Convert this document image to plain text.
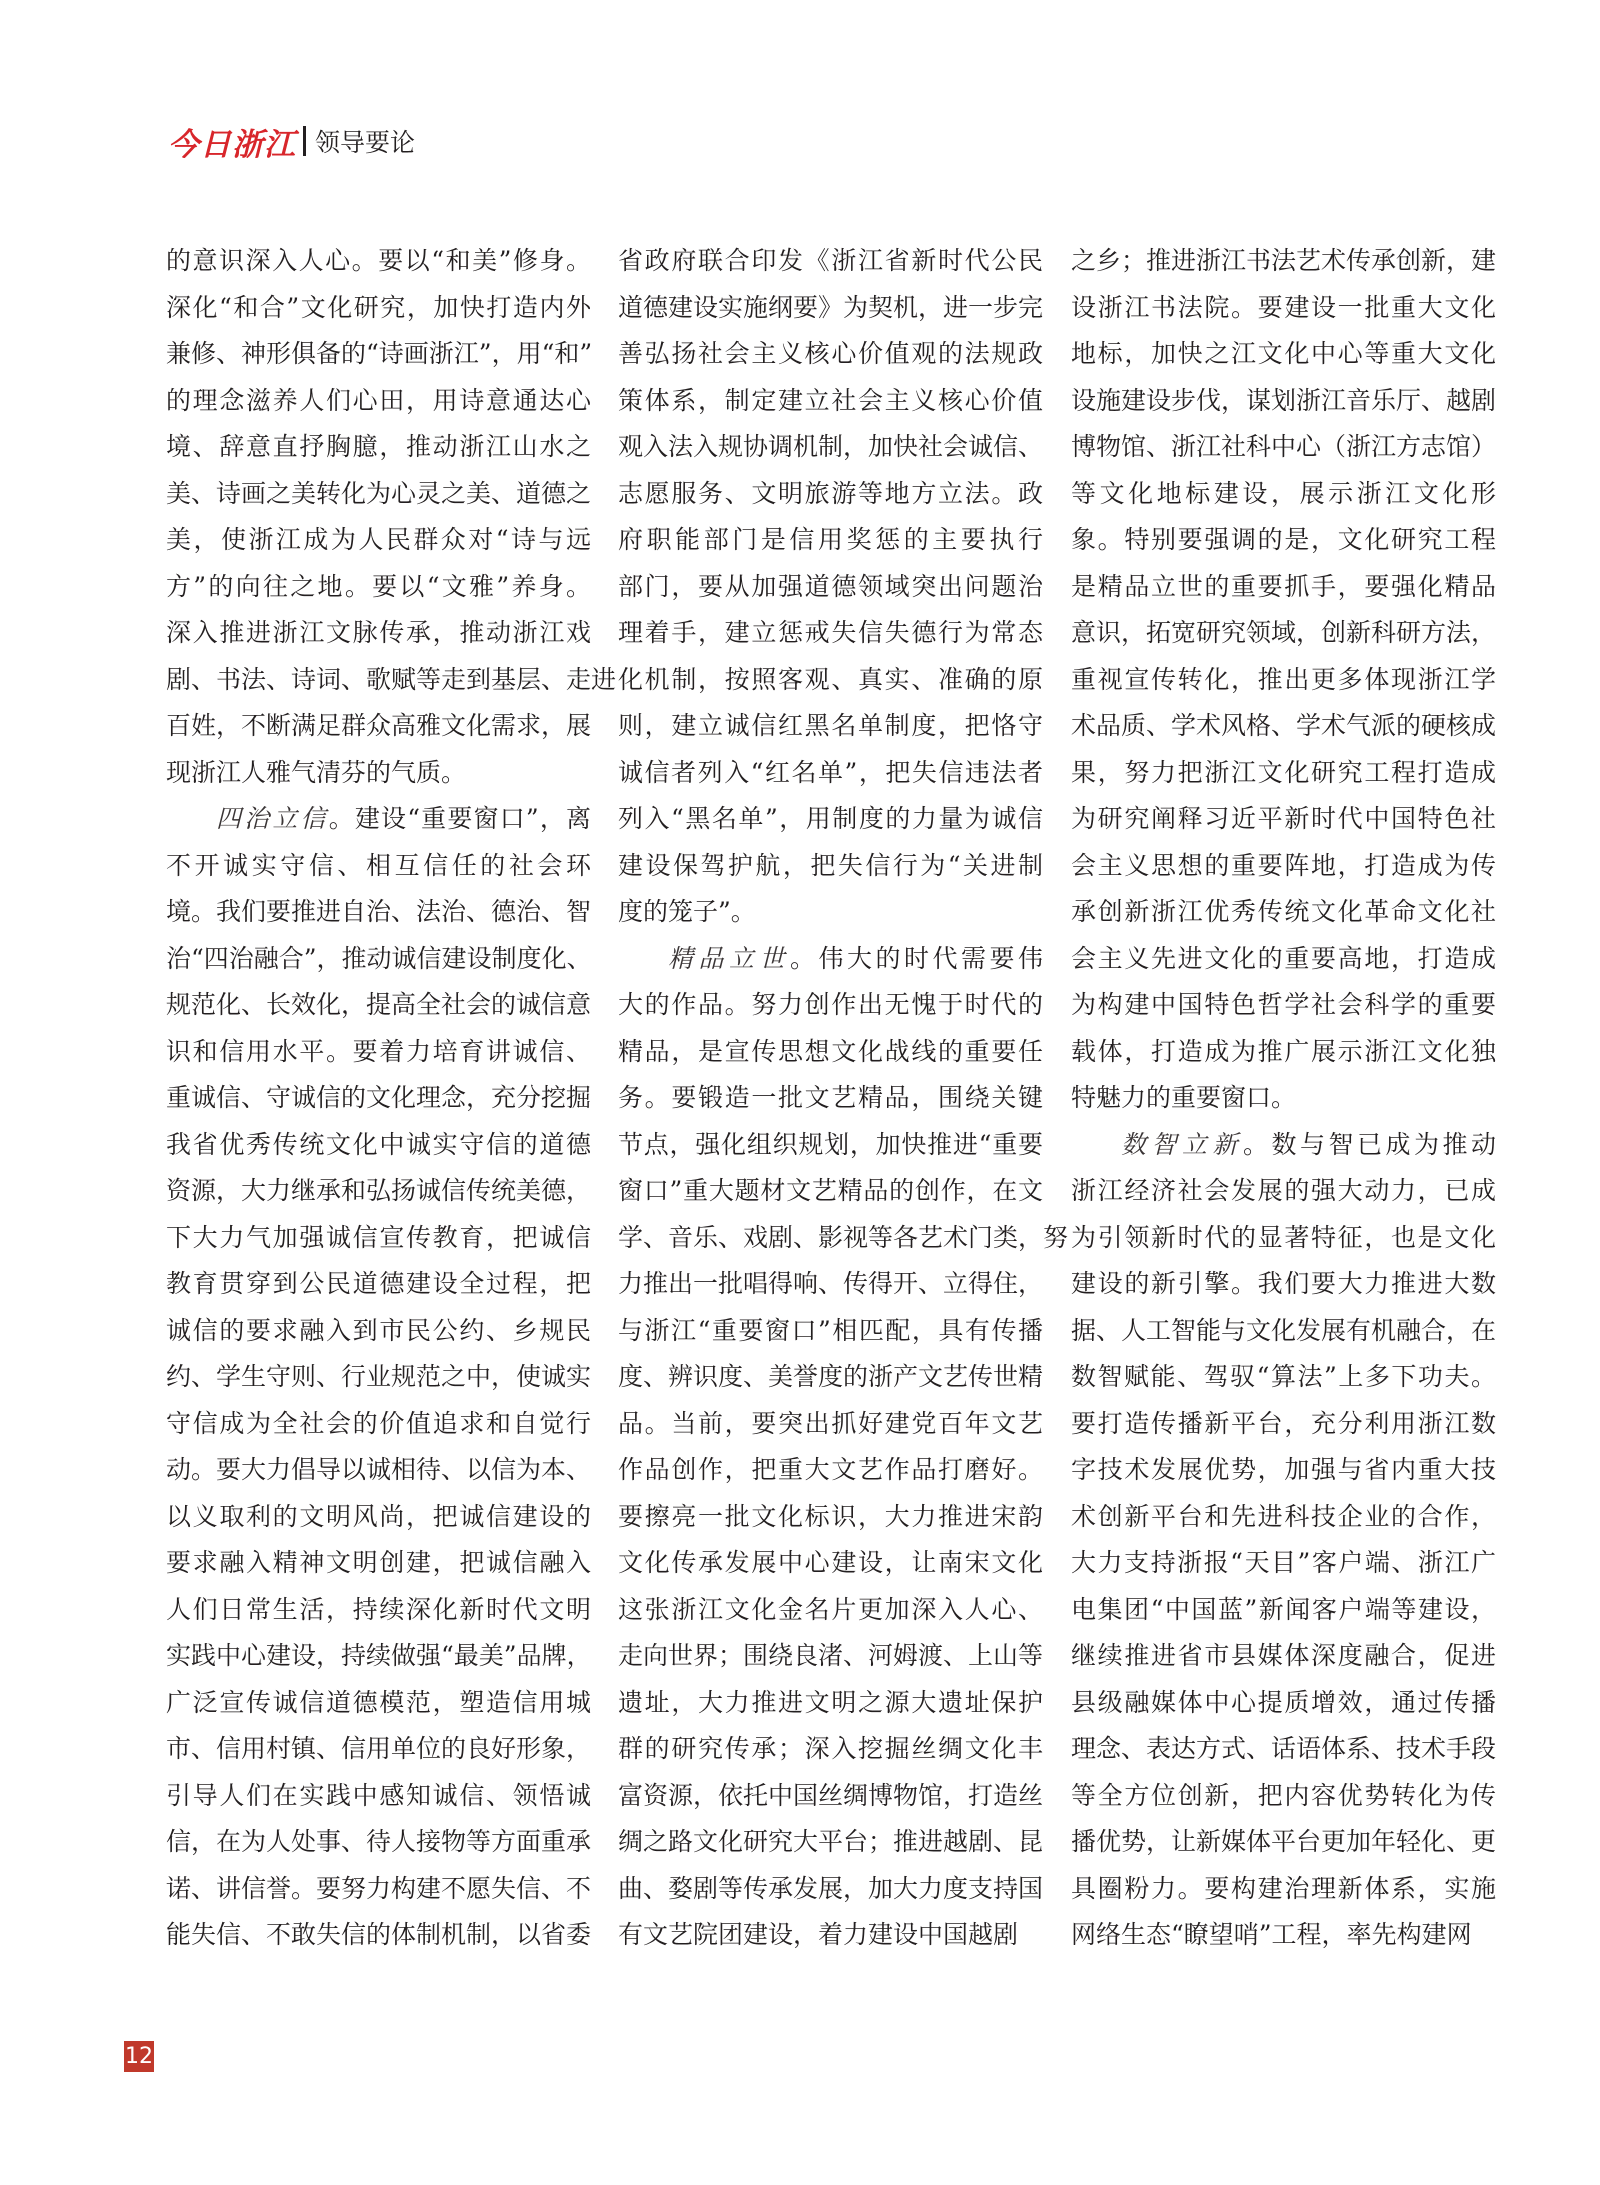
今日浙江 领导要论

的意识深入人心。要以“和美”修身。

深化“和合”文化研究，加快打造内外

兼修、神形俱备的“诗画浙江”，用“和”

的理念滋养人们心田，用诗意通达心

境、辞意直抒胸臆，推动浙江山水之

美、诗画之美转化为心灵之美、道德之

美，使浙江成为人民群众对“诗与远

方”的向往之地。要以“文雅”养身。

深入推进浙江文脉传承，推动浙江戏

剧、书法、诗词、歌赋等走到基层、走进

百姓，不断满足群众高雅文化需求，展

现浙江人雅气清芬的气质。

四治立信。建设“重要窗口”，离

不开诚实守信、相互信任的社会环

境。我们要推进自治、法治、德治、智

治“四治融合”，推动诚信建设制度化、

规范化、长效化，提高全社会的诚信意

识和信用水平。要着力培育讲诚信、

重诚信、守诚信的文化理念，充分挖掘

我省优秀传统文化中诚实守信的道德

资源，大力继承和弘扬诚信传统美德，

下大力气加强诚信宣传教育，把诚信

教育贯穿到公民道德建设全过程，把

诚信的要求融入到市民公约、乡规民

约、学生守则、行业规范之中，使诚实

守信成为全社会的价值追求和自觉行

动。要大力倡导以诚相待、以信为本、

以义取利的文明风尚，把诚信建设的

要求融入精神文明创建，把诚信融入

人们日常生活，持续深化新时代文明

实践中心建设，持续做强“最美”品牌，

广泛宣传诚信道德模范，塑造信用城

市、信用村镇、信用单位的良好形象，

引导人们在实践中感知诚信、领悟诚

信，在为人处事、待人接物等方面重承

诺、讲信誉。要努力构建不愿失信、不

能失信、不敢失信的体制机制，以省委

省政府联合印发《浙江省新时代公民

道德建设实施纲要》为契机，进一步完

善弘扬社会主义核心价值观的法规政

策体系，制定建立社会主义核心价值

观入法入规协调机制，加快社会诚信、

志愿服务、文明旅游等地方立法。政

府职能部门是信用奖惩的主要执行

部门，要从加强道德领域突出问题治

理着手，建立惩戒失信失德行为常态

化机制，按照客观、真实、准确的原

则，建立诚信红黑名单制度，把恪守

诚信者列入“红名单”，把失信违法者

列入“黑名单”，用制度的力量为诚信

建设保驾护航，把失信行为“关进制

度的笼子”。

精品立世。伟大的时代需要伟

大的作品。努力创作出无愧于时代的

精品，是宣传思想文化战线的重要任

务。要锻造一批文艺精品，围绕关键

节点，强化组织规划，加快推进“重要

窗口”重大题材文艺精品的创作，在文

学、音乐、戏剧、影视等各艺术门类，努

力推出一批唱得响、传得开、立得住，

与浙江“重要窗口”相匹配，具有传播

度、辨识度、美誉度的浙产文艺传世精

品。当前，要突出抓好建党百年文艺

作品创作，把重大文艺作品打磨好。

要擦亮一批文化标识，大力推进宋韵

文化传承发展中心建设，让南宋文化

这张浙江文化金名片更加深入人心、

走向世界；围绕良渚、河姆渡、上山等

遗址，大力推进文明之源大遗址保护

群的研究传承；深入挖掘丝绸文化丰

富资源，依托中国丝绸博物馆，打造丝

绸之路文化研究大平台；推进越剧、昆

曲、婺剧等传承发展，加大力度支持国

有文艺院团建设，着力建设中国越剧

之乡；推进浙江书法艺术传承创新，建

设浙江书法院。要建设一批重大文化

地标，加快之江文化中心等重大文化

设施建设步伐，谋划浙江音乐厅、越剧

博物馆、浙江社科中心（浙江方志馆）

等文化地标建设，展示浙江文化形

象。特别要强调的是，文化研究工程

是精品立世的重要抓手，要强化精品

意识，拓宽研究领域，创新科研方法，

重视宣传转化，推出更多体现浙江学

术品质、学术风格、学术气派的硬核成

果，努力把浙江文化研究工程打造成

为研究阐释习近平新时代中国特色社

会主义思想的重要阵地，打造成为传

承创新浙江优秀传统文化革命文化社

会主义先进文化的重要高地，打造成

为构建中国特色哲学社会科学的重要

载体，打造成为推广展示浙江文化独

特魅力的重要窗口。

数智立新。数与智已成为推动

浙江经济社会发展的强大动力，已成

为引领新时代的显著特征，也是文化

建设的新引擎。我们要大力推进大数

据、人工智能与文化发展有机融合，在

数智赋能、驾驭“算法”上多下功夫。

要打造传播新平台，充分利用浙江数

字技术发展优势，加强与省内重大技

术创新平台和先进科技企业的合作，

大力支持浙报“天目”客户端、浙江广

电集团“中国蓝”新闻客户端等建设，

继续推进省市县媒体深度融合，促进

县级融媒体中心提质增效，通过传播

理念、表达方式、话语体系、技术手段

等全方位创新，把内容优势转化为传

播优势，让新媒体平台更加年轻化、更

具圈粉力。要构建治理新体系，实施

网络生态“瞭望哨”工程，率先构建网

12
